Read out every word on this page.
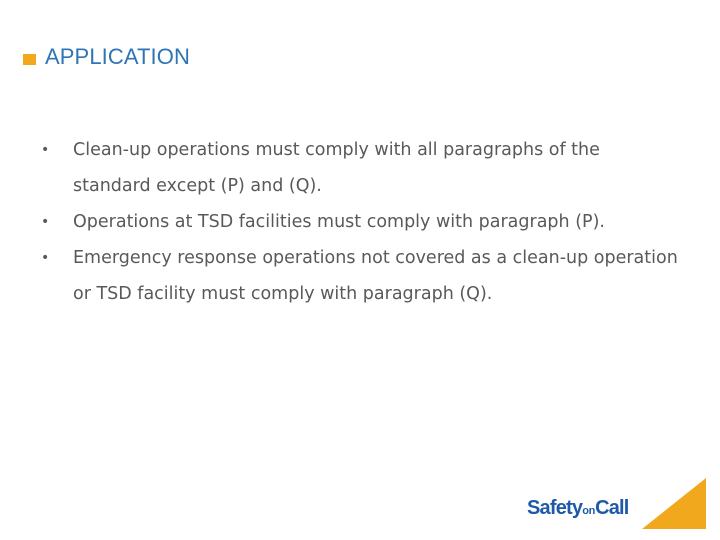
APPLICATION
• Clean-up operations must comply with all paragraphs of the standard except (P) and (Q).
• Operations at TSD facilities must comply with paragraph (P).
• Emergency response operations not covered as a clean-up operation or TSD facility must comply with paragraph (Q).
SafetyonCall
